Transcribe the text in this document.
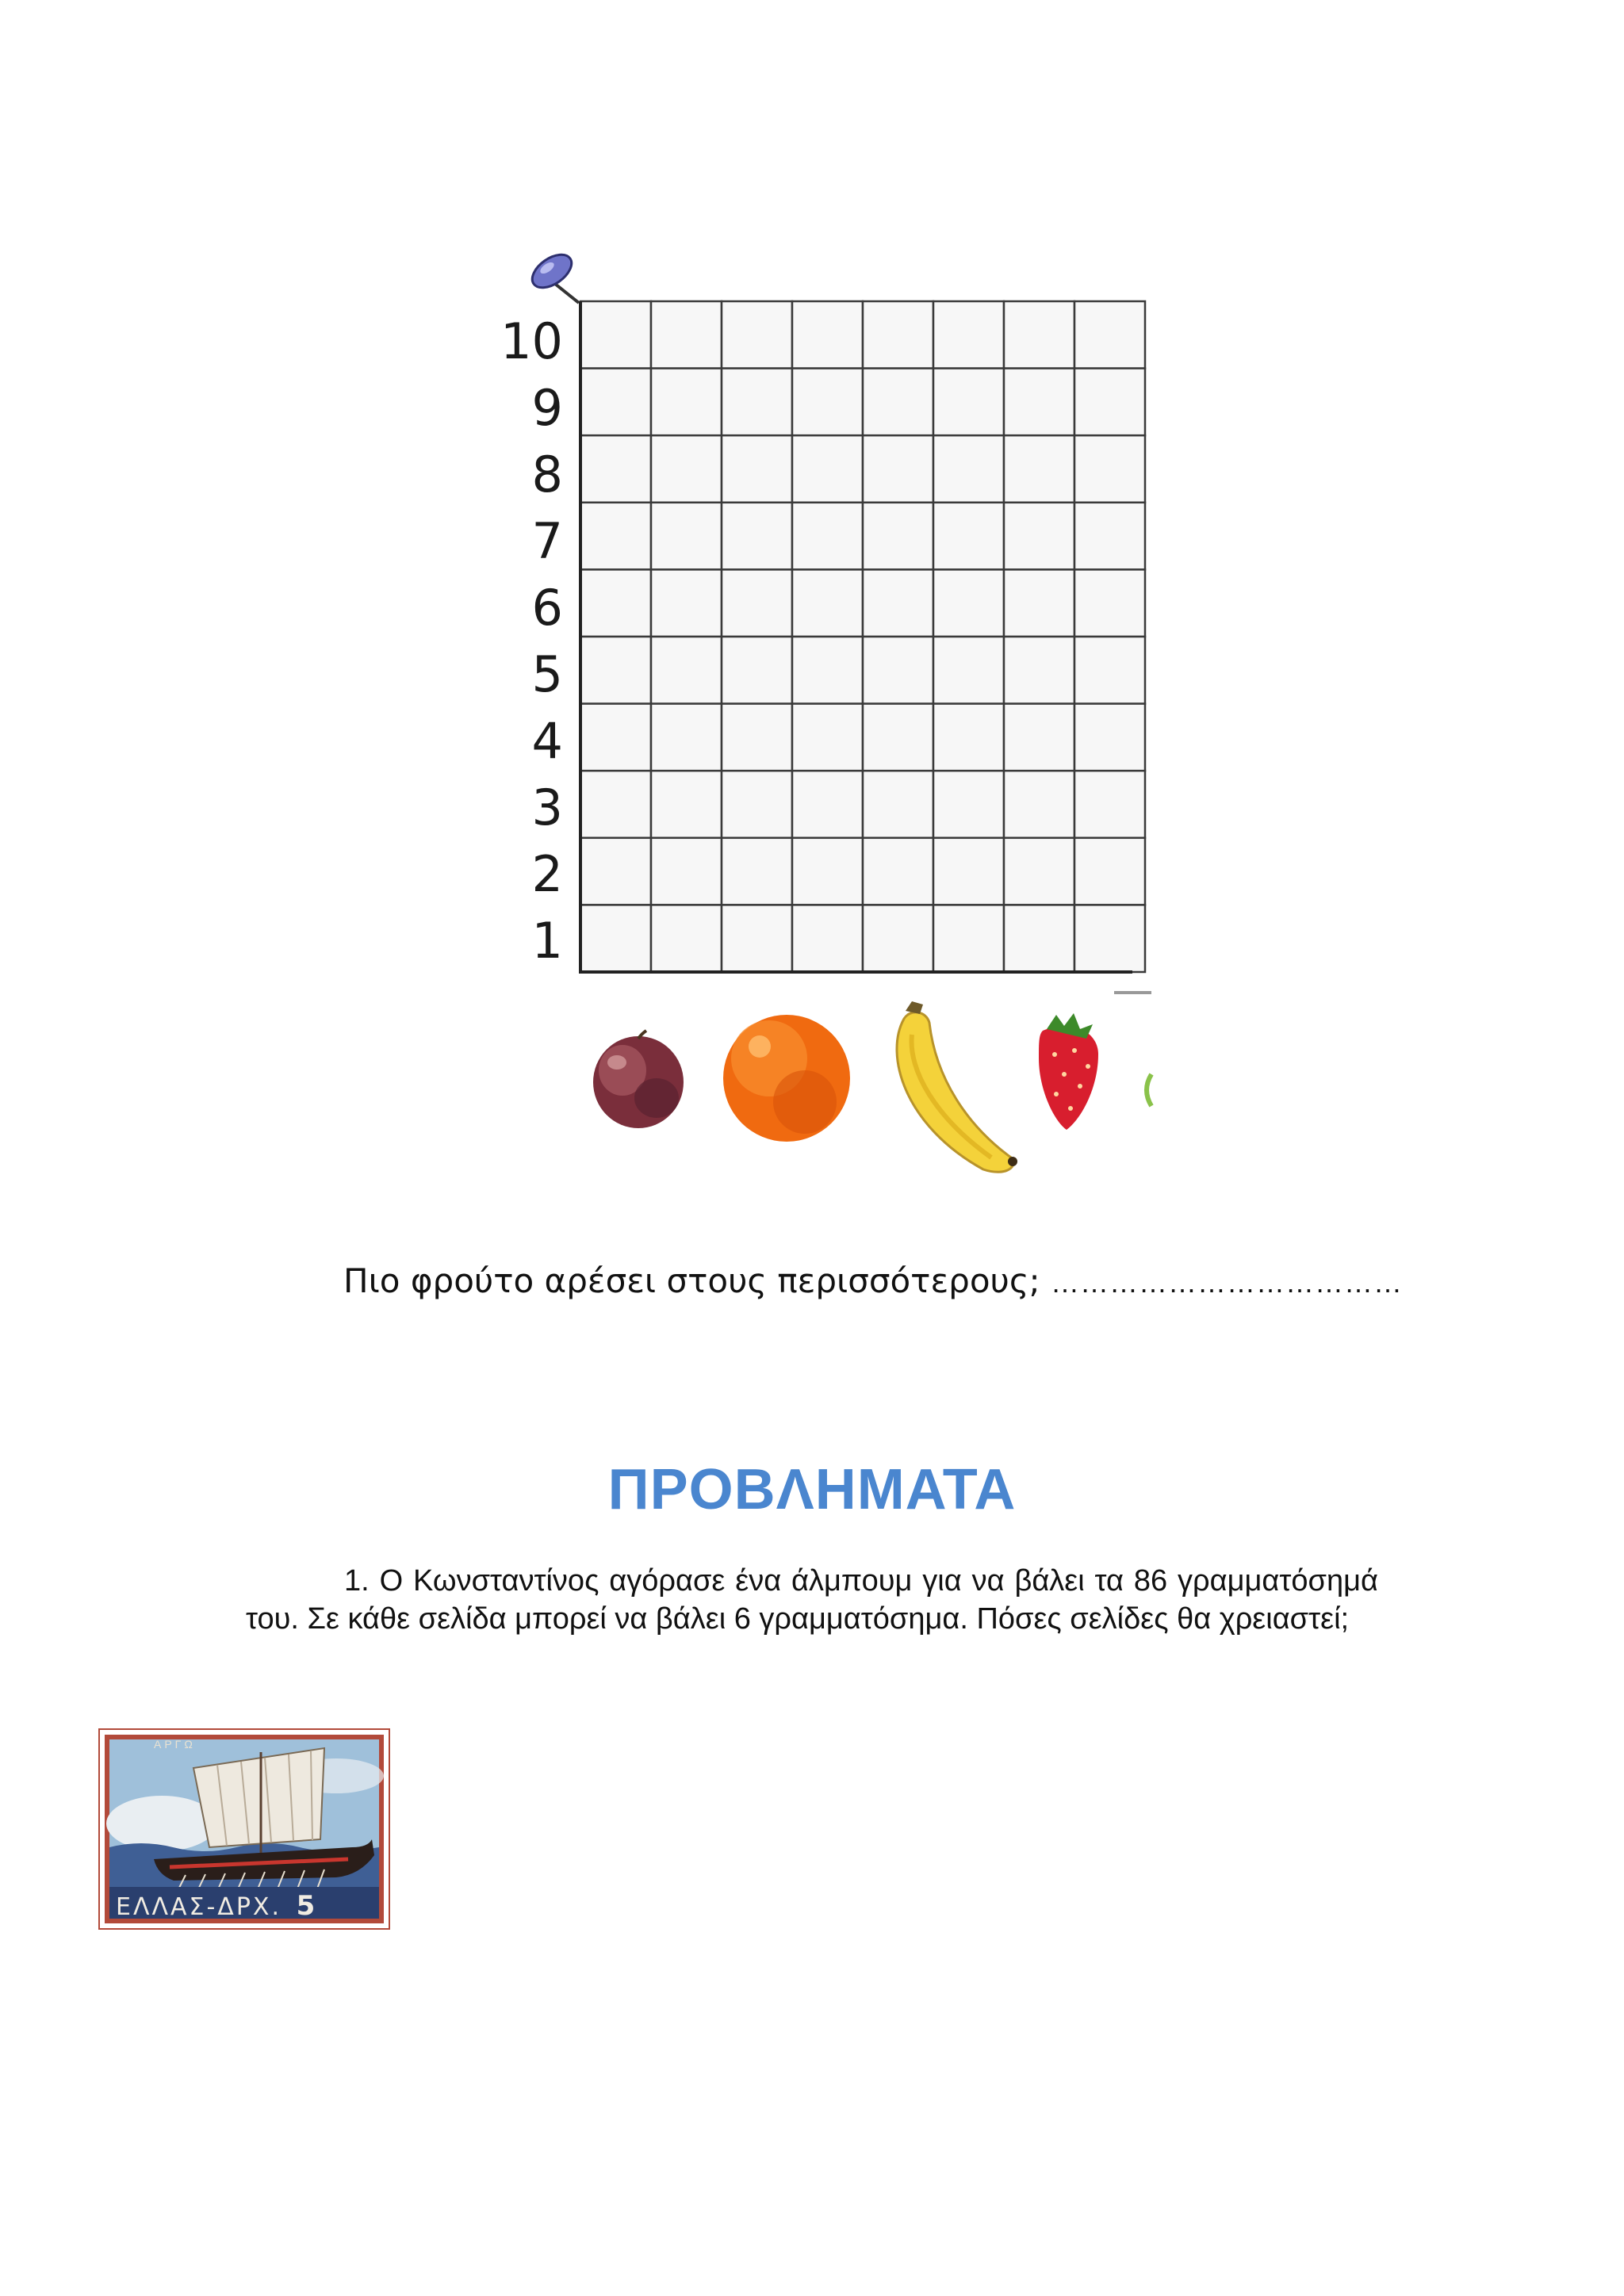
10
9
8
7
6
5
4
3
2
1
Πιο φρούτο αρέσει στους περισσότερους; ………………………………
ΠΡΟΒΛΗΜΑΤΑ

1. Ο Κωνσταντίνος αγόρασε ένα άλμπουμ για να βάλει τα 86 γραμματόσημά του. Σε κάθε σελίδα μπορεί να βάλει 6 γραμματόσημα. Πόσες σελίδες θα χρειαστεί;

ΑΡΓΩ
ΕΛΛΑΣ-ΔΡΧ. 5
